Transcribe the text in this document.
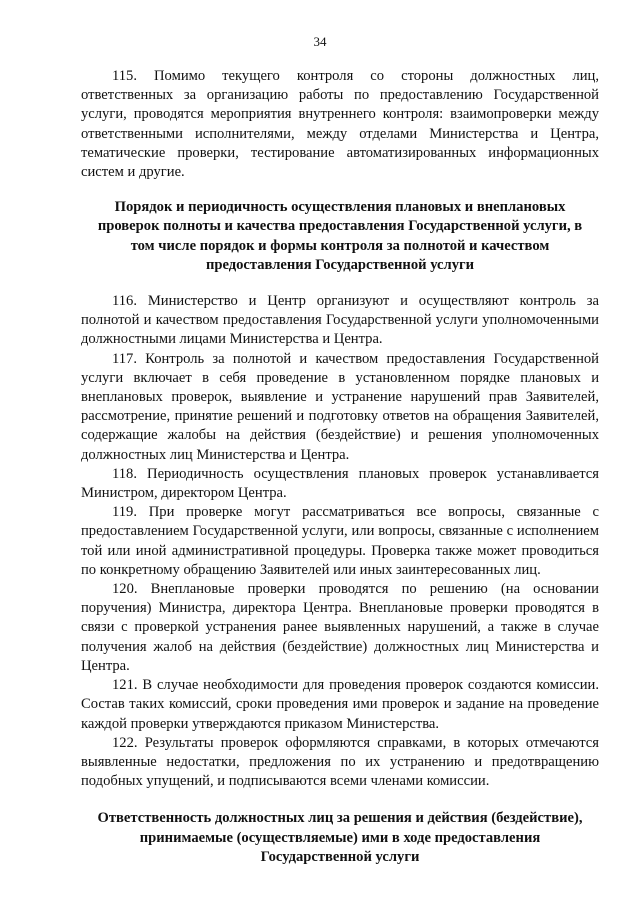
34

115. Помимо текущего контроля со стороны должностных лиц, ответственных за организацию работы по предоставлению Государственной услуги, проводятся мероприятия внутреннего контроля: взаимопроверки между ответственными исполнителями, между отделами Министерства и Центра, тематические проверки, тестирование автоматизированных информационных систем и другие.

Порядок и периодичность осуществления плановых и внеплановых проверок полноты и качества предоставления Государственной услуги, в том числе порядок и формы контроля за полнотой и качеством предоставления Государственной услуги

116. Министерство и Центр организуют и осуществляют контроль за полнотой и качеством предоставления Государственной услуги уполномоченными должностными лицами Министерства и Центра.

117. Контроль за полнотой и качеством предоставления Государственной услуги включает в себя проведение в установленном порядке плановых и внеплановых проверок, выявление и устранение нарушений прав Заявителей, рассмотрение, принятие решений и подготовку ответов на обращения Заявителей, содержащие жалобы на действия (бездействие) и решения уполномоченных должностных лиц Министерства и Центра.

118. Периодичность осуществления плановых проверок устанавливается Министром, директором Центра.

119. При проверке могут рассматриваться все вопросы, связанные с предоставлением Государственной услуги, или вопросы, связанные с исполнением той или иной административной процедуры. Проверка также может проводиться по конкретному обращению Заявителей или иных заинтересованных лиц.

120. Внеплановые проверки проводятся по решению (на основании поручения) Министра, директора Центра. Внеплановые проверки проводятся в связи с проверкой устранения ранее выявленных нарушений, а также в случае получения жалоб на действия (бездействие) должностных лиц Министерства и Центра.

121. В случае необходимости для проведения проверок создаются комиссии. Состав таких комиссий, сроки проведения ими проверок и задание на проведение каждой проверки утверждаются приказом Министерства.

122. Результаты проверок оформляются справками, в которых отмечаются выявленные недостатки, предложения по их устранению и предотвращению подобных упущений, и подписываются всеми членами комиссии.

Ответственность должностных лиц за решения и действия (бездействие), принимаемые (осуществляемые) ими в ходе предоставления Государственной услуги
